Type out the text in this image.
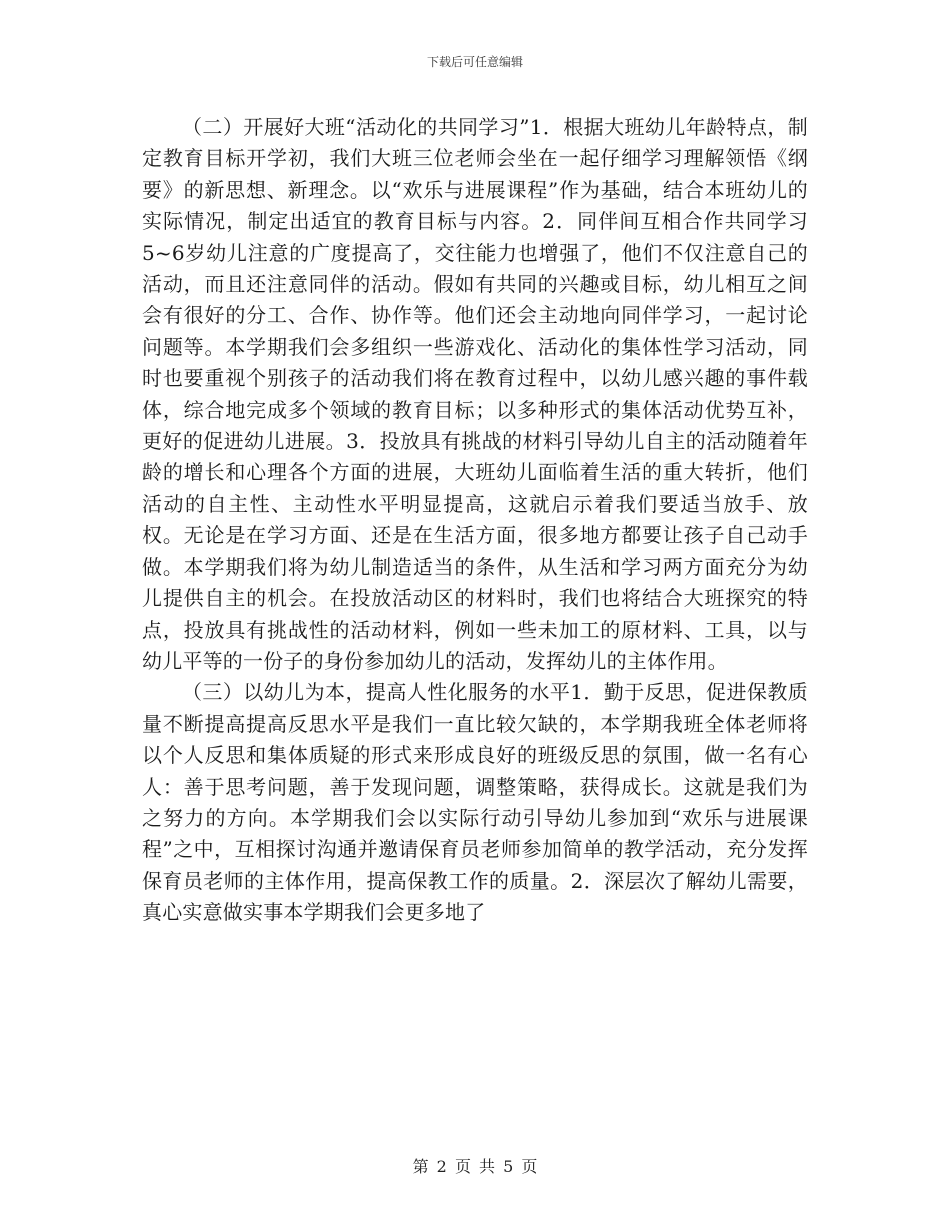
下载后可任意编辑

（二）开展好大班“活动化的共同学习”1．根据大班幼儿年龄特点，制定教育目标开学初，我们大班三位老师会坐在一起仔细学习理解领悟《纲要》的新思想、新理念。以“欢乐与进展课程”作为基础，结合本班幼儿的实际情况，制定出适宜的教育目标与内容。2．同伴间互相合作共同学习5~6岁幼儿注意的广度提高了，交往能力也增强了，他们不仅注意自己的活动，而且还注意同伴的活动。假如有共同的兴趣或目标，幼儿相互之间会有很好的分工、合作、协作等。他们还会主动地向同伴学习，一起讨论问题等。本学期我们会多组织一些游戏化、活动化的集体性学习活动，同时也要重视个别孩子的活动我们将在教育过程中，以幼儿感兴趣的事件载体，综合地完成多个领域的教育目标；以多种形式的集体活动优势互补，更好的促进幼儿进展。3．投放具有挑战的材料引导幼儿自主的活动随着年龄的增长和心理各个方面的进展，大班幼儿面临着生活的重大转折，他们活动的自主性、主动性水平明显提高，这就启示着我们要适当放手、放权。无论是在学习方面、还是在生活方面，很多地方都要让孩子自己动手做。本学期我们将为幼儿制造适当的条件，从生活和学习两方面充分为幼儿提供自主的机会。在投放活动区的材料时，我们也将结合大班探究的特点，投放具有挑战性的活动材料，例如一些未加工的原材料、工具，以与幼儿平等的一份子的身份参加幼儿的活动，发挥幼儿的主体作用。

（三）以幼儿为本，提高人性化服务的水平1．勤于反思，促进保教质量不断提高提高反思水平是我们一直比较欠缺的，本学期我班全体老师将以个人反思和集体质疑的形式来形成良好的班级反思的氛围，做一名有心人：善于思考问题，善于发现问题，调整策略，获得成长。这就是我们为之努力的方向。本学期我们会以实际行动引导幼儿参加到“欢乐与进展课程”之中，互相探讨沟通并邀请保育员老师参加简单的教学活动，充分发挥保育员老师的主体作用，提高保教工作的质量。2．深层次了解幼儿需要，真心实意做实事本学期我们会更多地了

第 2 页 共 5 页
